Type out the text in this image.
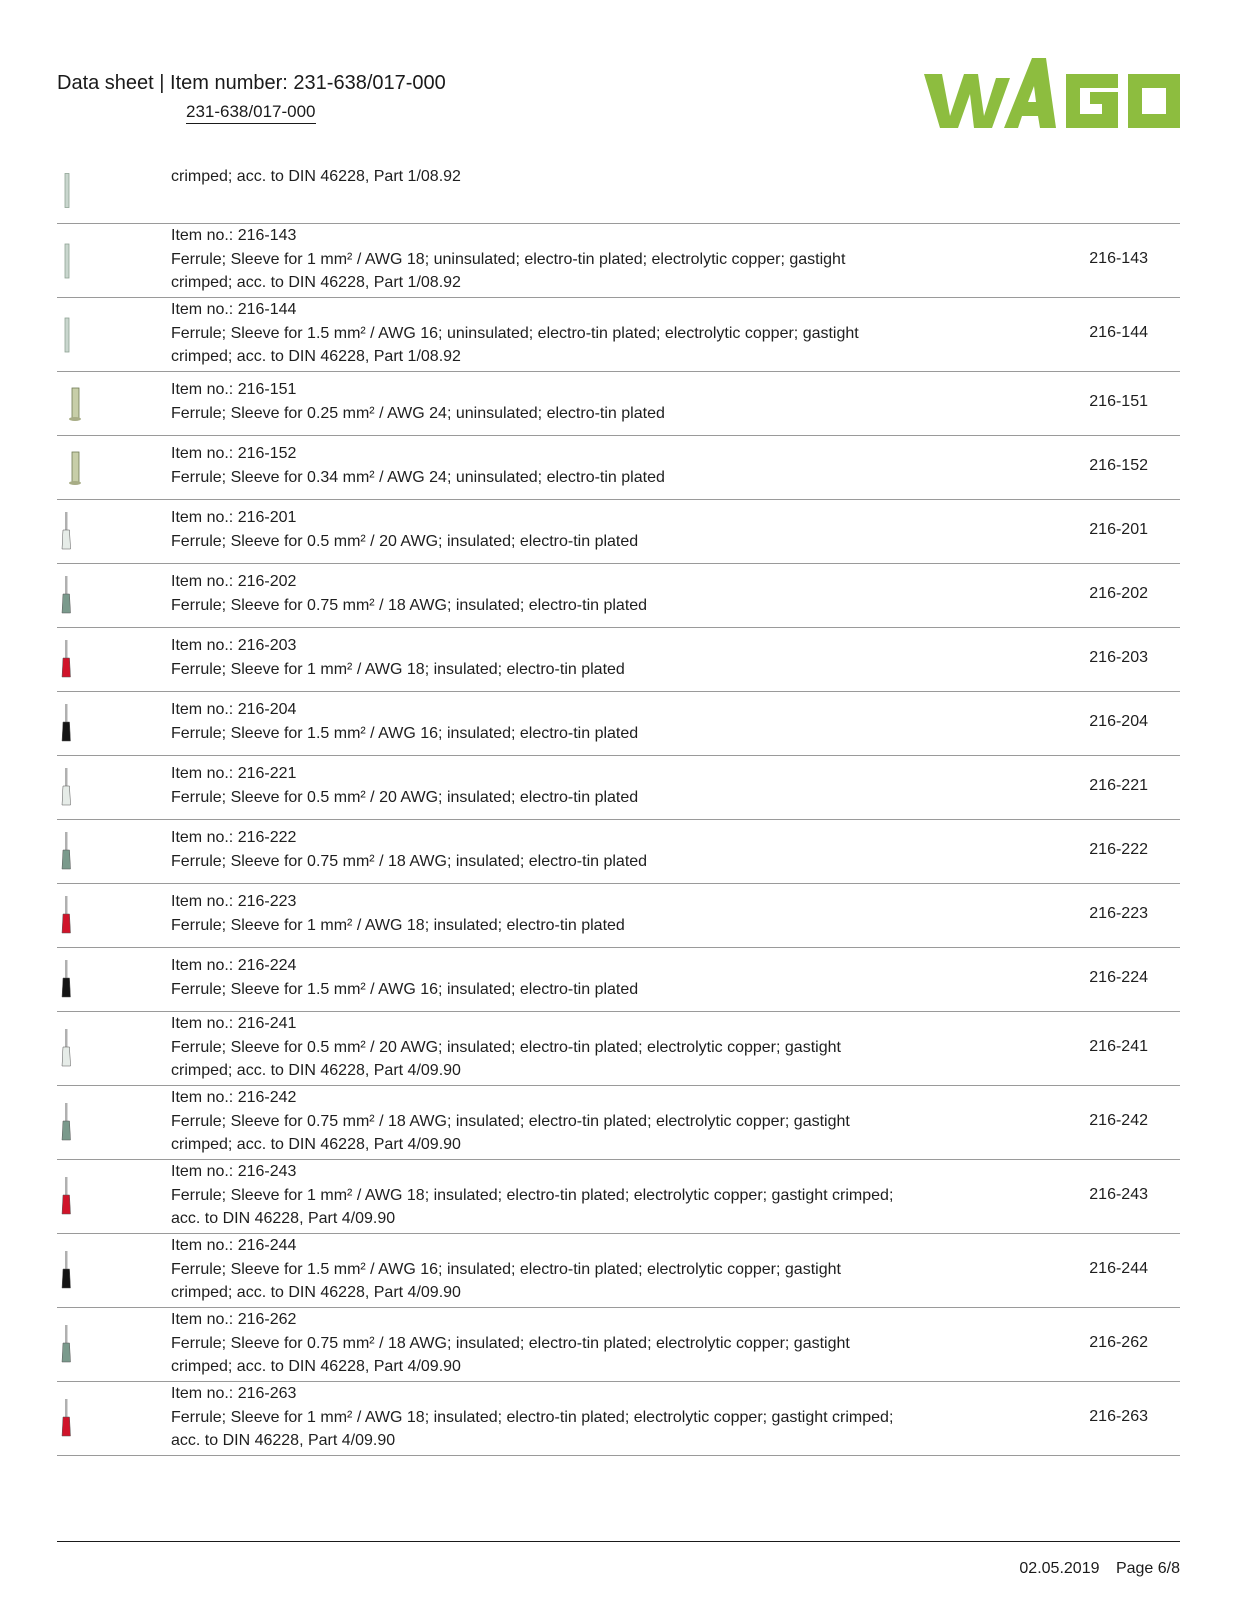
Data sheet | Item number: 231-638/017-000
231-638/017-000
crimped; acc. to DIN 46228, Part 1/08.92
Item no.: 216-143
Ferrule; Sleeve for 1 mm² / AWG 18; uninsulated; electro-tin plated; electrolytic copper; gastight
crimped; acc. to DIN 46228, Part 1/08.92
216-143
Item no.: 216-144
Ferrule; Sleeve for 1.5 mm² / AWG 16; uninsulated; electro-tin plated; electrolytic copper; gastight
crimped; acc. to DIN 46228, Part 1/08.92
216-144
Item no.: 216-151
Ferrule; Sleeve for 0.25 mm² / AWG 24; uninsulated; electro-tin plated
216-151
Item no.: 216-152
Ferrule; Sleeve for 0.34 mm² / AWG 24; uninsulated; electro-tin plated
216-152
Item no.: 216-201
Ferrule; Sleeve for 0.5 mm² / 20 AWG; insulated; electro-tin plated
216-201
Item no.: 216-202
Ferrule; Sleeve for 0.75 mm² / 18 AWG; insulated; electro-tin plated
216-202
Item no.: 216-203
Ferrule; Sleeve for 1 mm² / AWG 18; insulated; electro-tin plated
216-203
Item no.: 216-204
Ferrule; Sleeve for 1.5 mm² / AWG 16; insulated; electro-tin plated
216-204
Item no.: 216-221
Ferrule; Sleeve for 0.5 mm² / 20 AWG; insulated; electro-tin plated
216-221
Item no.: 216-222
Ferrule; Sleeve for 0.75 mm² / 18 AWG; insulated; electro-tin plated
216-222
Item no.: 216-223
Ferrule; Sleeve for 1 mm² / AWG 18; insulated; electro-tin plated
216-223
Item no.: 216-224
Ferrule; Sleeve for 1.5 mm² / AWG 16; insulated; electro-tin plated
216-224
Item no.: 216-241
Ferrule; Sleeve for 0.5 mm² / 20 AWG; insulated; electro-tin plated; electrolytic copper; gastight
crimped; acc. to DIN 46228, Part 4/09.90
216-241
Item no.: 216-242
Ferrule; Sleeve for 0.75 mm² / 18 AWG; insulated; electro-tin plated; electrolytic copper; gastight
crimped; acc. to DIN 46228, Part 4/09.90
216-242
Item no.: 216-243
Ferrule; Sleeve for 1 mm² / AWG 18; insulated; electro-tin plated; electrolytic copper; gastight crimped;
acc. to DIN 46228, Part 4/09.90
216-243
Item no.: 216-244
Ferrule; Sleeve for 1.5 mm² / AWG 16; insulated; electro-tin plated; electrolytic copper; gastight
crimped; acc. to DIN 46228, Part 4/09.90
216-244
Item no.: 216-262
Ferrule; Sleeve for 0.75 mm² / 18 AWG; insulated; electro-tin plated; electrolytic copper; gastight
crimped; acc. to DIN 46228, Part 4/09.90
216-262
Item no.: 216-263
Ferrule; Sleeve for 1 mm² / AWG 18; insulated; electro-tin plated; electrolytic copper; gastight crimped;
acc. to DIN 46228, Part 4/09.90
216-263
02.05.2019 Page 6/8
